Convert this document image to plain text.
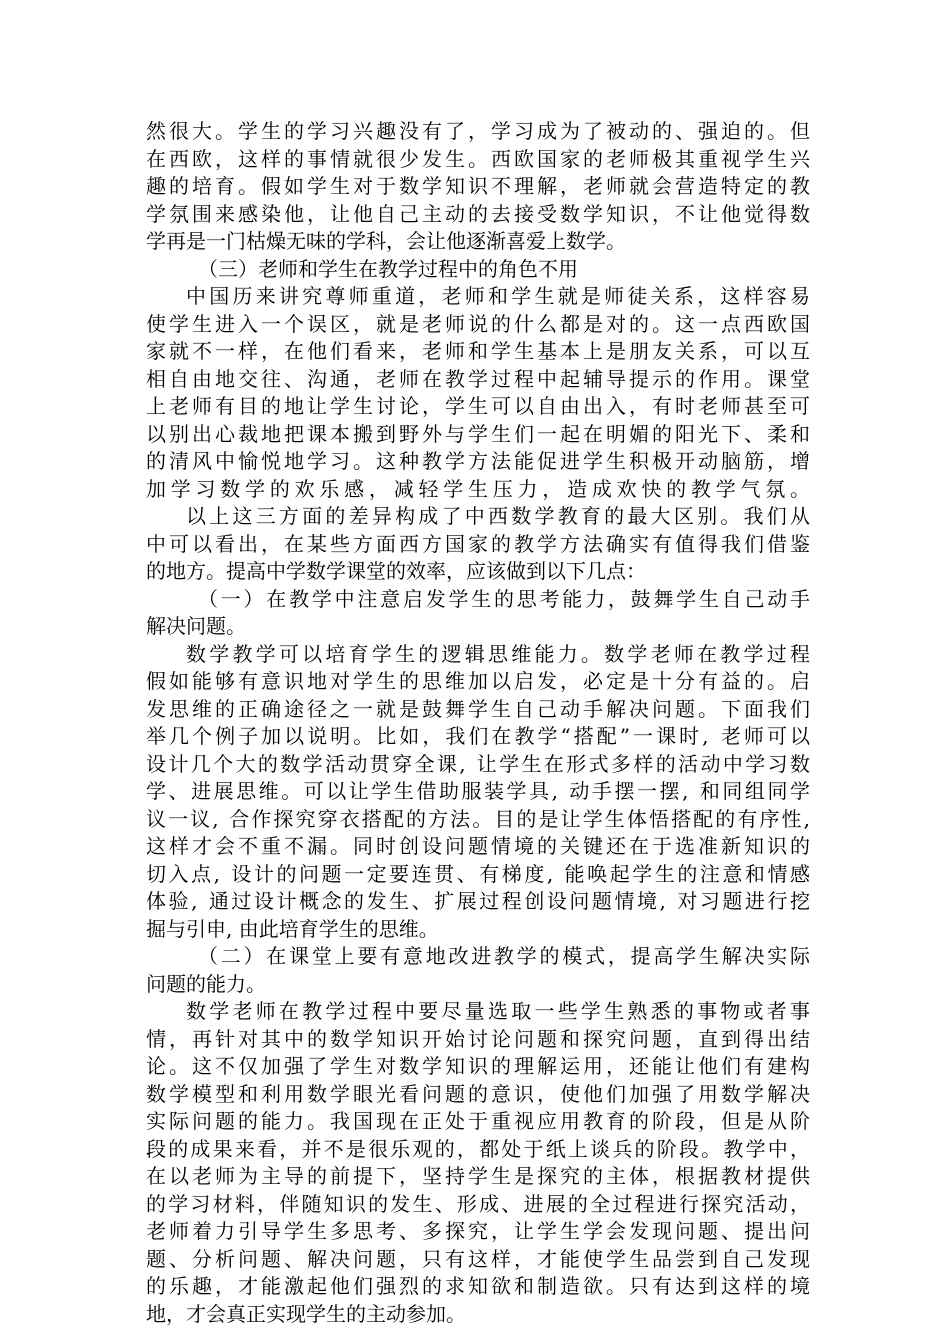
然很大。学生的学习兴趣没有了，学习成为了被动的、强迫的。但
在西欧，这样的事情就很少发生。西欧国家的老师极其重视学生兴
趣的培育。假如学生对于数学知识不理解，老师就会营造特定的教
学氛围来感染他，让他自己主动的去接受数学知识，不让他觉得数
学再是一门枯燥无味的学科，会让他逐渐喜爱上数学。
（三）老师和学生在教学过程中的角色不用
中国历来讲究尊师重道，老师和学生就是师徒关系，这样容易
使学生进入一个误区，就是老师说的什么都是对的。这一点西欧国
家就不一样，在他们看来，老师和学生基本上是朋友关系，可以互
相自由地交往、沟通，老师在教学过程中起辅导提示的作用。课堂
上老师有目的地让学生讨论，学生可以自由出入，有时老师甚至可
以别出心裁地把课本搬到野外与学生们一起在明媚的阳光下、柔和
的清风中愉悦地学习。这种教学方法能促进学生积极开动脑筋，增
加学习数学的欢乐感，减轻学生压力，造成欢快的教学气氛。
以上这三方面的差异构成了中西数学教育的最大区别。我们从
中可以看出，在某些方面西方国家的教学方法确实有值得我们借鉴
的地方。提高中学数学课堂的效率，应该做到以下几点：
（一）在教学中注意启发学生的思考能力，鼓舞学生自己动手
解决问题。
数学教学可以培育学生的逻辑思维能力。数学老师在教学过程
假如能够有意识地对学生的思维加以启发，必定是十分有益的。启
发思维的正确途径之一就是鼓舞学生自己动手解决问题。下面我们
举几个例子加以说明。比如，我们在教学“搭配”一课时, 老师可以
设计几个大的数学活动贯穿全课, 让学生在形式多样的活动中学习数
学、进展思维。可以让学生借助服装学具, 动手摆一摆, 和同组同学
议一议, 合作探究穿衣搭配的方法。目的是让学生体悟搭配的有序性,
这样才会不重不漏。同时创设问题情境的关键还在于选准新知识的
切入点, 设计的问题一定要连贯、有梯度, 能唤起学生的注意和情感
体验, 通过设计概念的发生、扩展过程创设问题情境, 对习题进行挖
掘与引申, 由此培育学生的思维。
（二）在课堂上要有意地改进教学的模式，提高学生解决实际
问题的能力。
数学老师在教学过程中要尽量选取一些学生熟悉的事物或者事
情，再针对其中的数学知识开始讨论问题和探究问题，直到得出结
论。这不仅加强了学生对数学知识的理解运用，还能让他们有建构
数学模型和利用数学眼光看问题的意识，使他们加强了用数学解决
实际问题的能力。我国现在正处于重视应用教育的阶段，但是从阶
段的成果来看，并不是很乐观的，都处于纸上谈兵的阶段。教学中，
在以老师为主导的前提下，坚持学生是探究的主体，根据教材提供
的学习材料，伴随知识的发生、形成、进展的全过程进行探究活动，
老师着力引导学生多思考、多探究，让学生学会发现问题、提出问
题、分析问题、解决问题，只有这样，才能使学生品尝到自己发现
的乐趣，才能激起他们强烈的求知欲和制造欲。只有达到这样的境
地，才会真正实现学生的主动参加。
